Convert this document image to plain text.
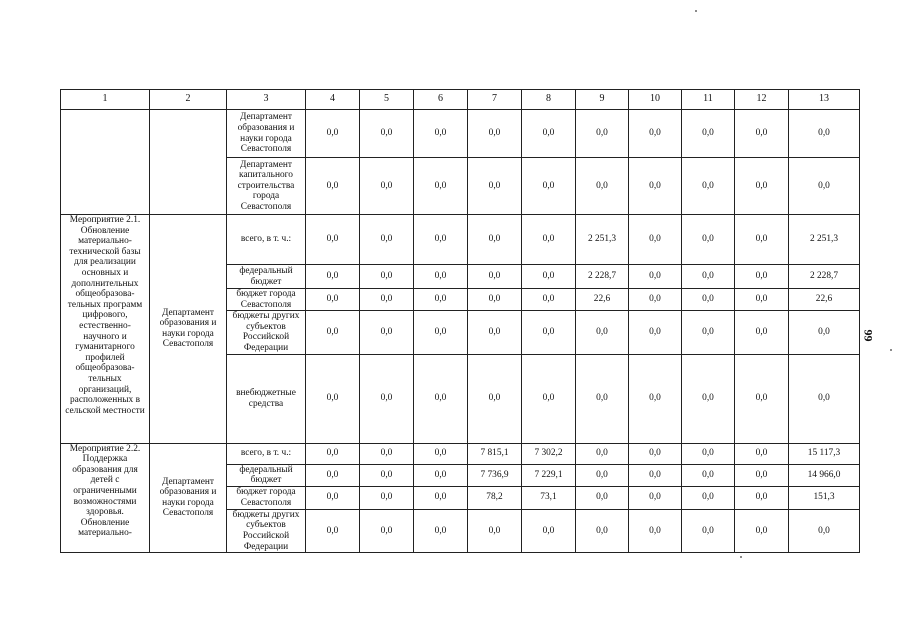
1	2	3	4	5	6	7	8	9	10	11	12	13
		Департамент образования и науки города Севастополя	0,0	0,0	0,0	0,0	0,0	0,0	0,0	0,0	0,0	0,0
		Департамент капитального строительства города Севастополя	0,0	0,0	0,0	0,0	0,0	0,0	0,0	0,0	0,0	0,0
Мероприятие 2.1. Обновление материально-технической базы для реализации основных и дополнительных общеобразова-тельных программ цифрового, естественно-научного и гуманитарного профилей общеобразова-тельных организаций, расположенных в сельской местности	Департамент образования и науки города Севастополя	всего, в т. ч.:	0,0	0,0	0,0	0,0	0,0	2 251,3	0,0	0,0	0,0	2 251,3
		федеральный бюджет	0,0	0,0	0,0	0,0	0,0	2 228,7	0,0	0,0	0,0	2 228,7
		бюджет города Севастополя	0,0	0,0	0,0	0,0	0,0	22,6	0,0	0,0	0,0	22,6
		бюджеты других субъектов Российской Федерации	0,0	0,0	0,0	0,0	0,0	0,0	0,0	0,0	0,0	0,0
		внебюджетные средства	0,0	0,0	0,0	0,0	0,0	0,0	0,0	0,0	0,0	0,0
Мероприятие 2.2. Поддержка образования для детей с ограниченными возможностями здоровья. Обновление материально-	Департамент образования и науки города Севастополя	всего, в т. ч.:	0,0	0,0	0,0	7 815,1	7 302,2	0,0	0,0	0,0	0,0	15 117,3
		федеральный бюджет	0,0	0,0	0,0	7 736,9	7 229,1	0,0	0,0	0,0	0,0	14 966,0
		бюджет города Севастополя	0,0	0,0	0,0	78,2	73,1	0,0	0,0	0,0	0,0	151,3
		бюджеты других субъектов Российской Федерации	0,0	0,0	0,0	0,0	0,0	0,0	0,0	0,0	0,0	0,0
99
